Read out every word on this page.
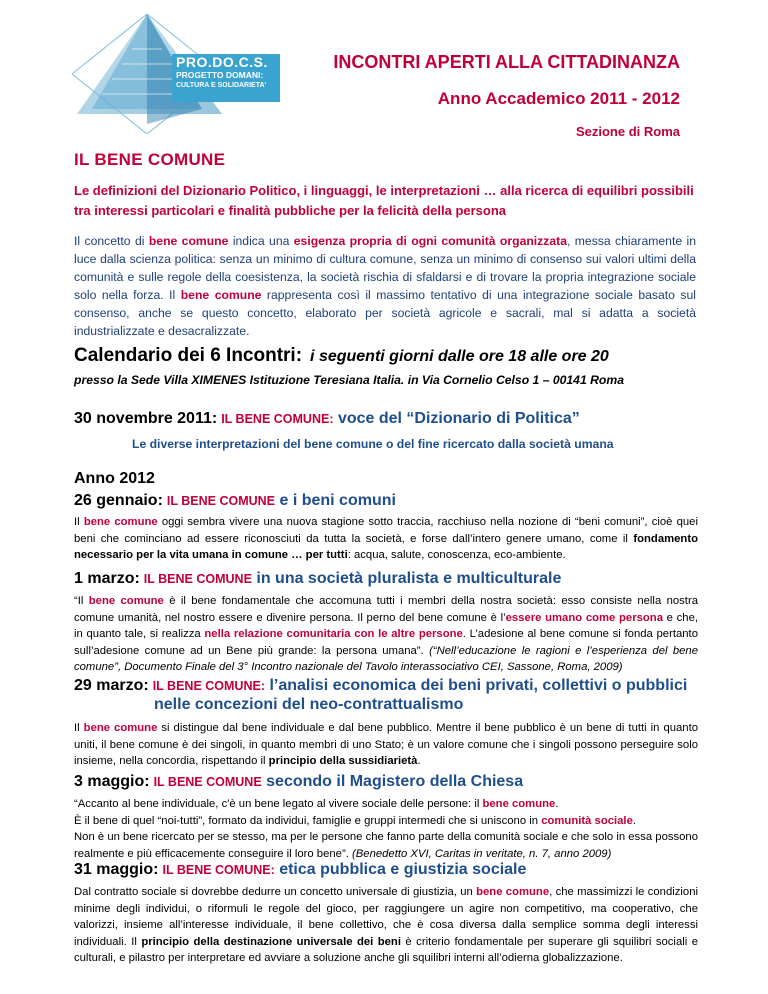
PRO.DO.C.S.
PROGETTO DOMANI:
CULTURA E SOLIDARIETA'
INCONTRI APERTI ALLA CITTADINANZA
Anno Accademico 2011 - 2012
Sezione di Roma
IL BENE COMUNE
Le definizioni del Dizionario Politico, i linguaggi, le interpretazioni … alla ricerca di equilibri possibili tra interessi particolari e finalità pubbliche per la felicità della persona
Il concetto di bene comune indica una esigenza propria di ogni comunità organizzata, messa chiaramente in luce dalla scienza politica: senza un minimo di cultura comune, senza un minimo di consenso sui valori ultimi della comunità e sulle regole della coesistenza, la società rischia di sfaldarsi e di trovare la propria integrazione sociale solo nella forza. Il bene comune rappresenta così il massimo tentativo di una integrazione sociale basato sul consenso, anche se questo concetto, elaborato per società agricole e sacrali, mal si adatta a società industrializzate e desacralizzate.
Calendario dei 6 Incontri: i seguenti giorni dalle ore 18 alle ore 20
presso la Sede Villa XIMENES Istituzione Teresiana Italia. in Via Cornelio Celso 1 – 00141 Roma
30 novembre 2011: IL BENE COMUNE: voce del “Dizionario di Politica”
Le diverse interpretazioni del bene comune o del fine ricercato dalla società umana
Anno 2012
26 gennaio: IL BENE COMUNE e i beni comuni
Il bene comune oggi sembra vivere una nuova stagione sotto traccia, racchiuso nella nozione di “beni comuni”, cioè quei beni che cominciano ad essere riconosciuti da tutta la società, e forse dall’intero genere umano, come il fondamento necessario per la vita umana in comune … per tutti: acqua, salute, conoscenza, eco-ambiente.
1 marzo: IL BENE COMUNE in una società pluralista e multiculturale
“Il bene comune è il bene fondamentale che accomuna tutti i membri della nostra società: esso consiste nella nostra comune umanità, nel nostro essere e divenire persona. Il perno del bene comune è l’essere umano come persona e che, in quanto tale, si realizza nella relazione comunitaria con le altre persone. L’adesione al bene comune si fonda pertanto sull’adesione comune ad un Bene più grande: la persona umana”. (“Nell’educazione le ragioni e l’esperienza del bene comune”, Documento Finale del 3° Incontro nazionale del Tavolo interassociativo CEI, Sassone, Roma, 2009)
29 marzo: IL BENE COMUNE: l’analisi economica dei beni privati, collettivi o pubblici
nelle concezioni del neo-contrattualismo
Il bene comune si distingue dal bene individuale e dal bene pubblico. Mentre il bene pubblico è un bene di tutti in quanto uniti, il bene comune è dei singoli, in quanto membri di uno Stato; è un valore comune che i singoli possono perseguire solo insieme, nella concordia, rispettando il principio della sussidiarietà.
3 maggio: IL BENE COMUNE secondo il Magistero della Chiesa
“Accanto al bene individuale, c'è un bene legato al vivere sociale delle persone: il bene comune.
È il bene di quel “noi-tutti”, formato da individui, famiglie e gruppi intermedi che si uniscono in comunità sociale.
Non è un bene ricercato per se stesso, ma per le persone che fanno parte della comunità sociale e che solo in essa possono realmente e più efficacemente conseguire il loro bene”. (Benedetto XVI, Caritas in veritate, n. 7, anno 2009)
31 maggio: IL BENE COMUNE: etica pubblica e giustizia sociale
Dal contratto sociale si dovrebbe dedurre un concetto universale di giustizia, un bene comune, che massimizzi le condizioni minime degli individui, o riformuli le regole del gioco, per raggiungere un agire non competitivo, ma cooperativo, che valorizzi, insieme all’interesse individuale, il bene collettivo, che è cosa diversa dalla semplice somma degli interessi individuali. Il principio della destinazione universale dei beni è criterio fondamentale per superare gli squilibri sociali e culturali, e pilastro per interpretare ed avviare a soluzione anche gli squilibri interni all’odierna globalizzazione.
